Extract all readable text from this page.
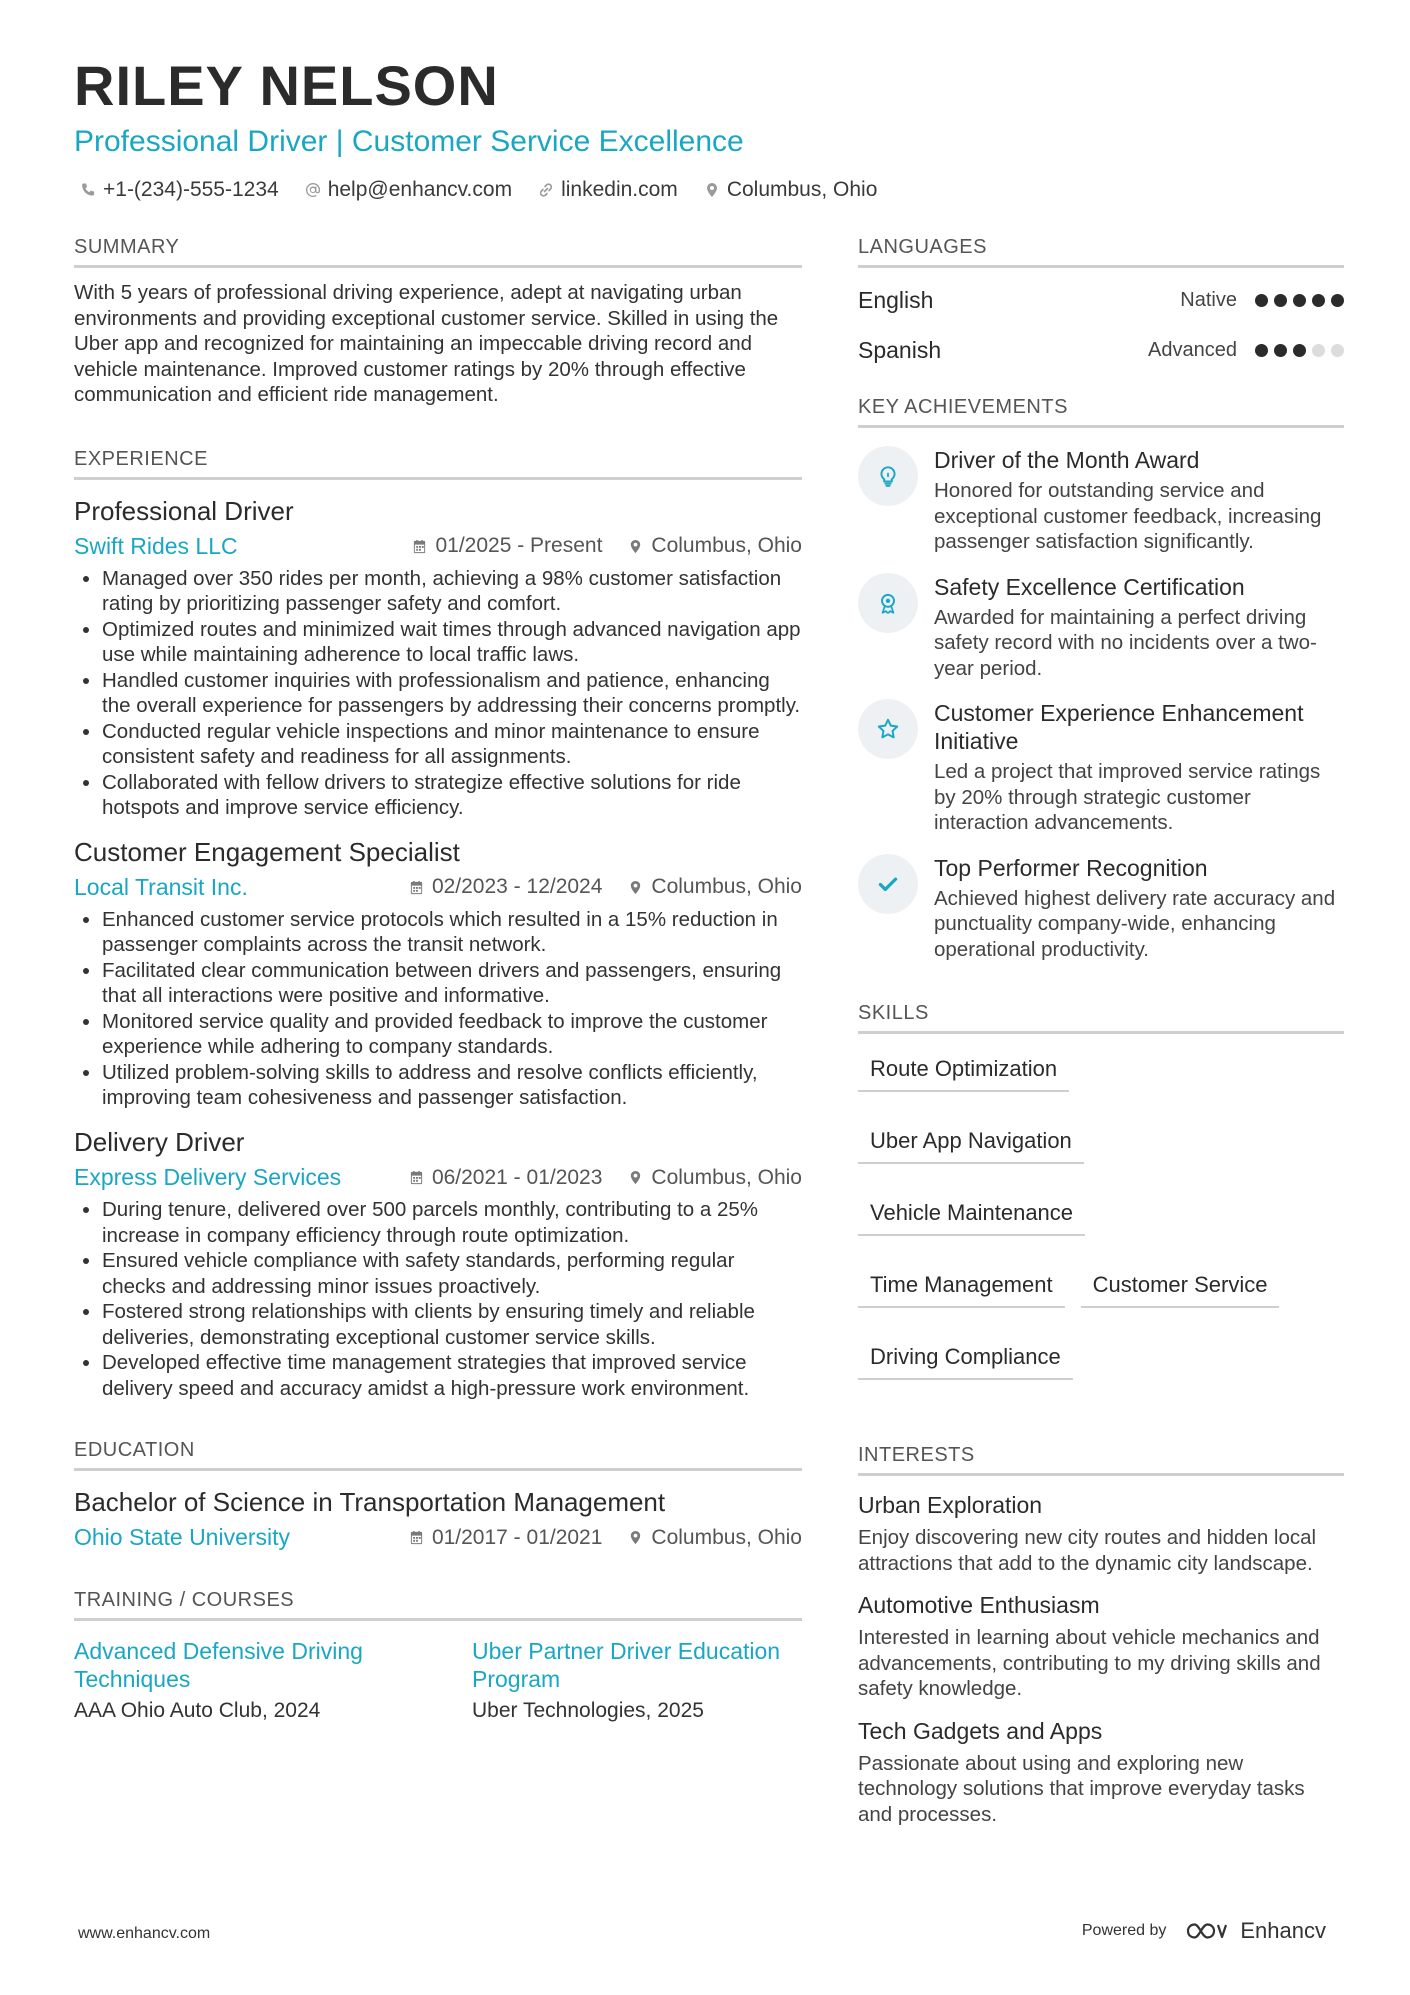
RILEY NELSON
Professional Driver | Customer Service Excellence
+1-(234)-555-1234 help@enhancv.com linkedin.com Columbus, Ohio
SUMMARY
With 5 years of professional driving experience, adept at navigating urban environments and providing exceptional customer service. Skilled in using the Uber app and recognized for maintaining an impeccable driving record and vehicle maintenance. Improved customer ratings by 20% through effective communication and efficient ride management.
EXPERIENCE
Professional Driver
Swift Rides LLC	01/2025 - Present Columbus, Ohio
• Managed over 350 rides per month, achieving a 98% customer satisfaction rating by prioritizing passenger safety and comfort.
• Optimized routes and minimized wait times through advanced navigation app use while maintaining adherence to local traffic laws.
• Handled customer inquiries with professionalism and patience, enhancing the overall experience for passengers by addressing their concerns promptly.
• Conducted regular vehicle inspections and minor maintenance to ensure consistent safety and readiness for all assignments.
• Collaborated with fellow drivers to strategize effective solutions for ride hotspots and improve service efficiency.
Customer Engagement Specialist
Local Transit Inc.	02/2023 - 12/2024 Columbus, Ohio
• Enhanced customer service protocols which resulted in a 15% reduction in passenger complaints across the transit network.
• Facilitated clear communication between drivers and passengers, ensuring that all interactions were positive and informative.
• Monitored service quality and provided feedback to improve the customer experience while adhering to company standards.
• Utilized problem-solving skills to address and resolve conflicts efficiently, improving team cohesiveness and passenger satisfaction.
Delivery Driver
Express Delivery Services	06/2021 - 01/2023 Columbus, Ohio
• During tenure, delivered over 500 parcels monthly, contributing to a 25% increase in company efficiency through route optimization.
• Ensured vehicle compliance with safety standards, performing regular checks and addressing minor issues proactively.
• Fostered strong relationships with clients by ensuring timely and reliable deliveries, demonstrating exceptional customer service skills.
• Developed effective time management strategies that improved service delivery speed and accuracy amidst a high-pressure work environment.
EDUCATION
Bachelor of Science in Transportation Management
Ohio State University	01/2017 - 01/2021 Columbus, Ohio
TRAINING / COURSES
Advanced Defensive Driving Techniques
AAA Ohio Auto Club, 2024
Uber Partner Driver Education Program
Uber Technologies, 2025
LANGUAGES
English	Native
Spanish	Advanced
KEY ACHIEVEMENTS
Driver of the Month Award
Honored for outstanding service and exceptional customer feedback, increasing passenger satisfaction significantly.
Safety Excellence Certification
Awarded for maintaining a perfect driving safety record with no incidents over a two-year period.
Customer Experience Enhancement Initiative
Led a project that improved service ratings by 20% through strategic customer interaction advancements.
Top Performer Recognition
Achieved highest delivery rate accuracy and punctuality company-wide, enhancing operational productivity.
SKILLS
Route Optimization
Uber App Navigation
Vehicle Maintenance
Time Management	Customer Service
Driving Compliance
INTERESTS
Urban Exploration
Enjoy discovering new city routes and hidden local attractions that add to the dynamic city landscape.
Automotive Enthusiasm
Interested in learning about vehicle mechanics and advancements, contributing to my driving skills and safety knowledge.
Tech Gadgets and Apps
Passionate about using and exploring new technology solutions that improve everyday tasks and processes.
www.enhancv.com	Powered by	Enhancv
